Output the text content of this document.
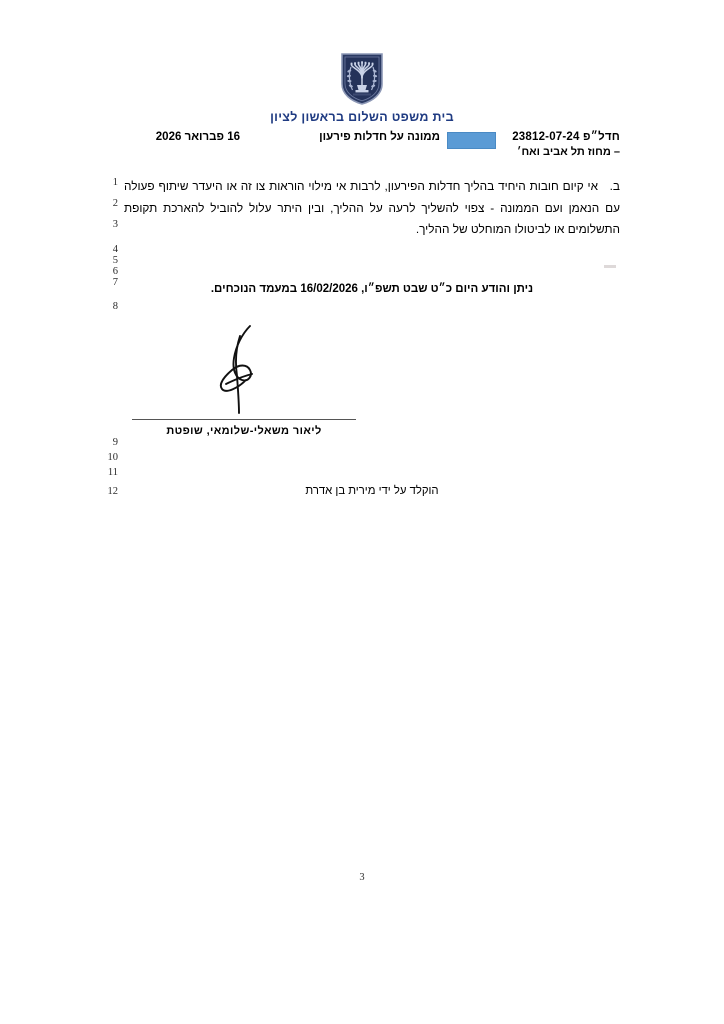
בית משפט השלום בראשון לציון
חדל״פ 23812-07-24
ממונה על חדלות פירעון
16 פברואר 2026
– מחוז תל אביב ואח׳
ב.אי קיום חובות היחיד בהליך חדלות הפירעון, לרבות אי מילוי הוראות צו זה או היעדר שיתוף פעולה עם הנאמן ועם הממונה - צפוי להשליך לרעה על ההליך, ובין היתר עלול להוביל להארכת תקופת התשלומים או לביטולו המוחלט של ההליך.
ניתן והודע היום כ״ט שבט תשפ״ו, 16/02/2026 במעמד הנוכחים.
ליאור משאלי-שלומאי, שופטת
הוקלד על ידי מירית בן אדרת
1
2
3
4
5
6
7
8
9
10
11
12
3
